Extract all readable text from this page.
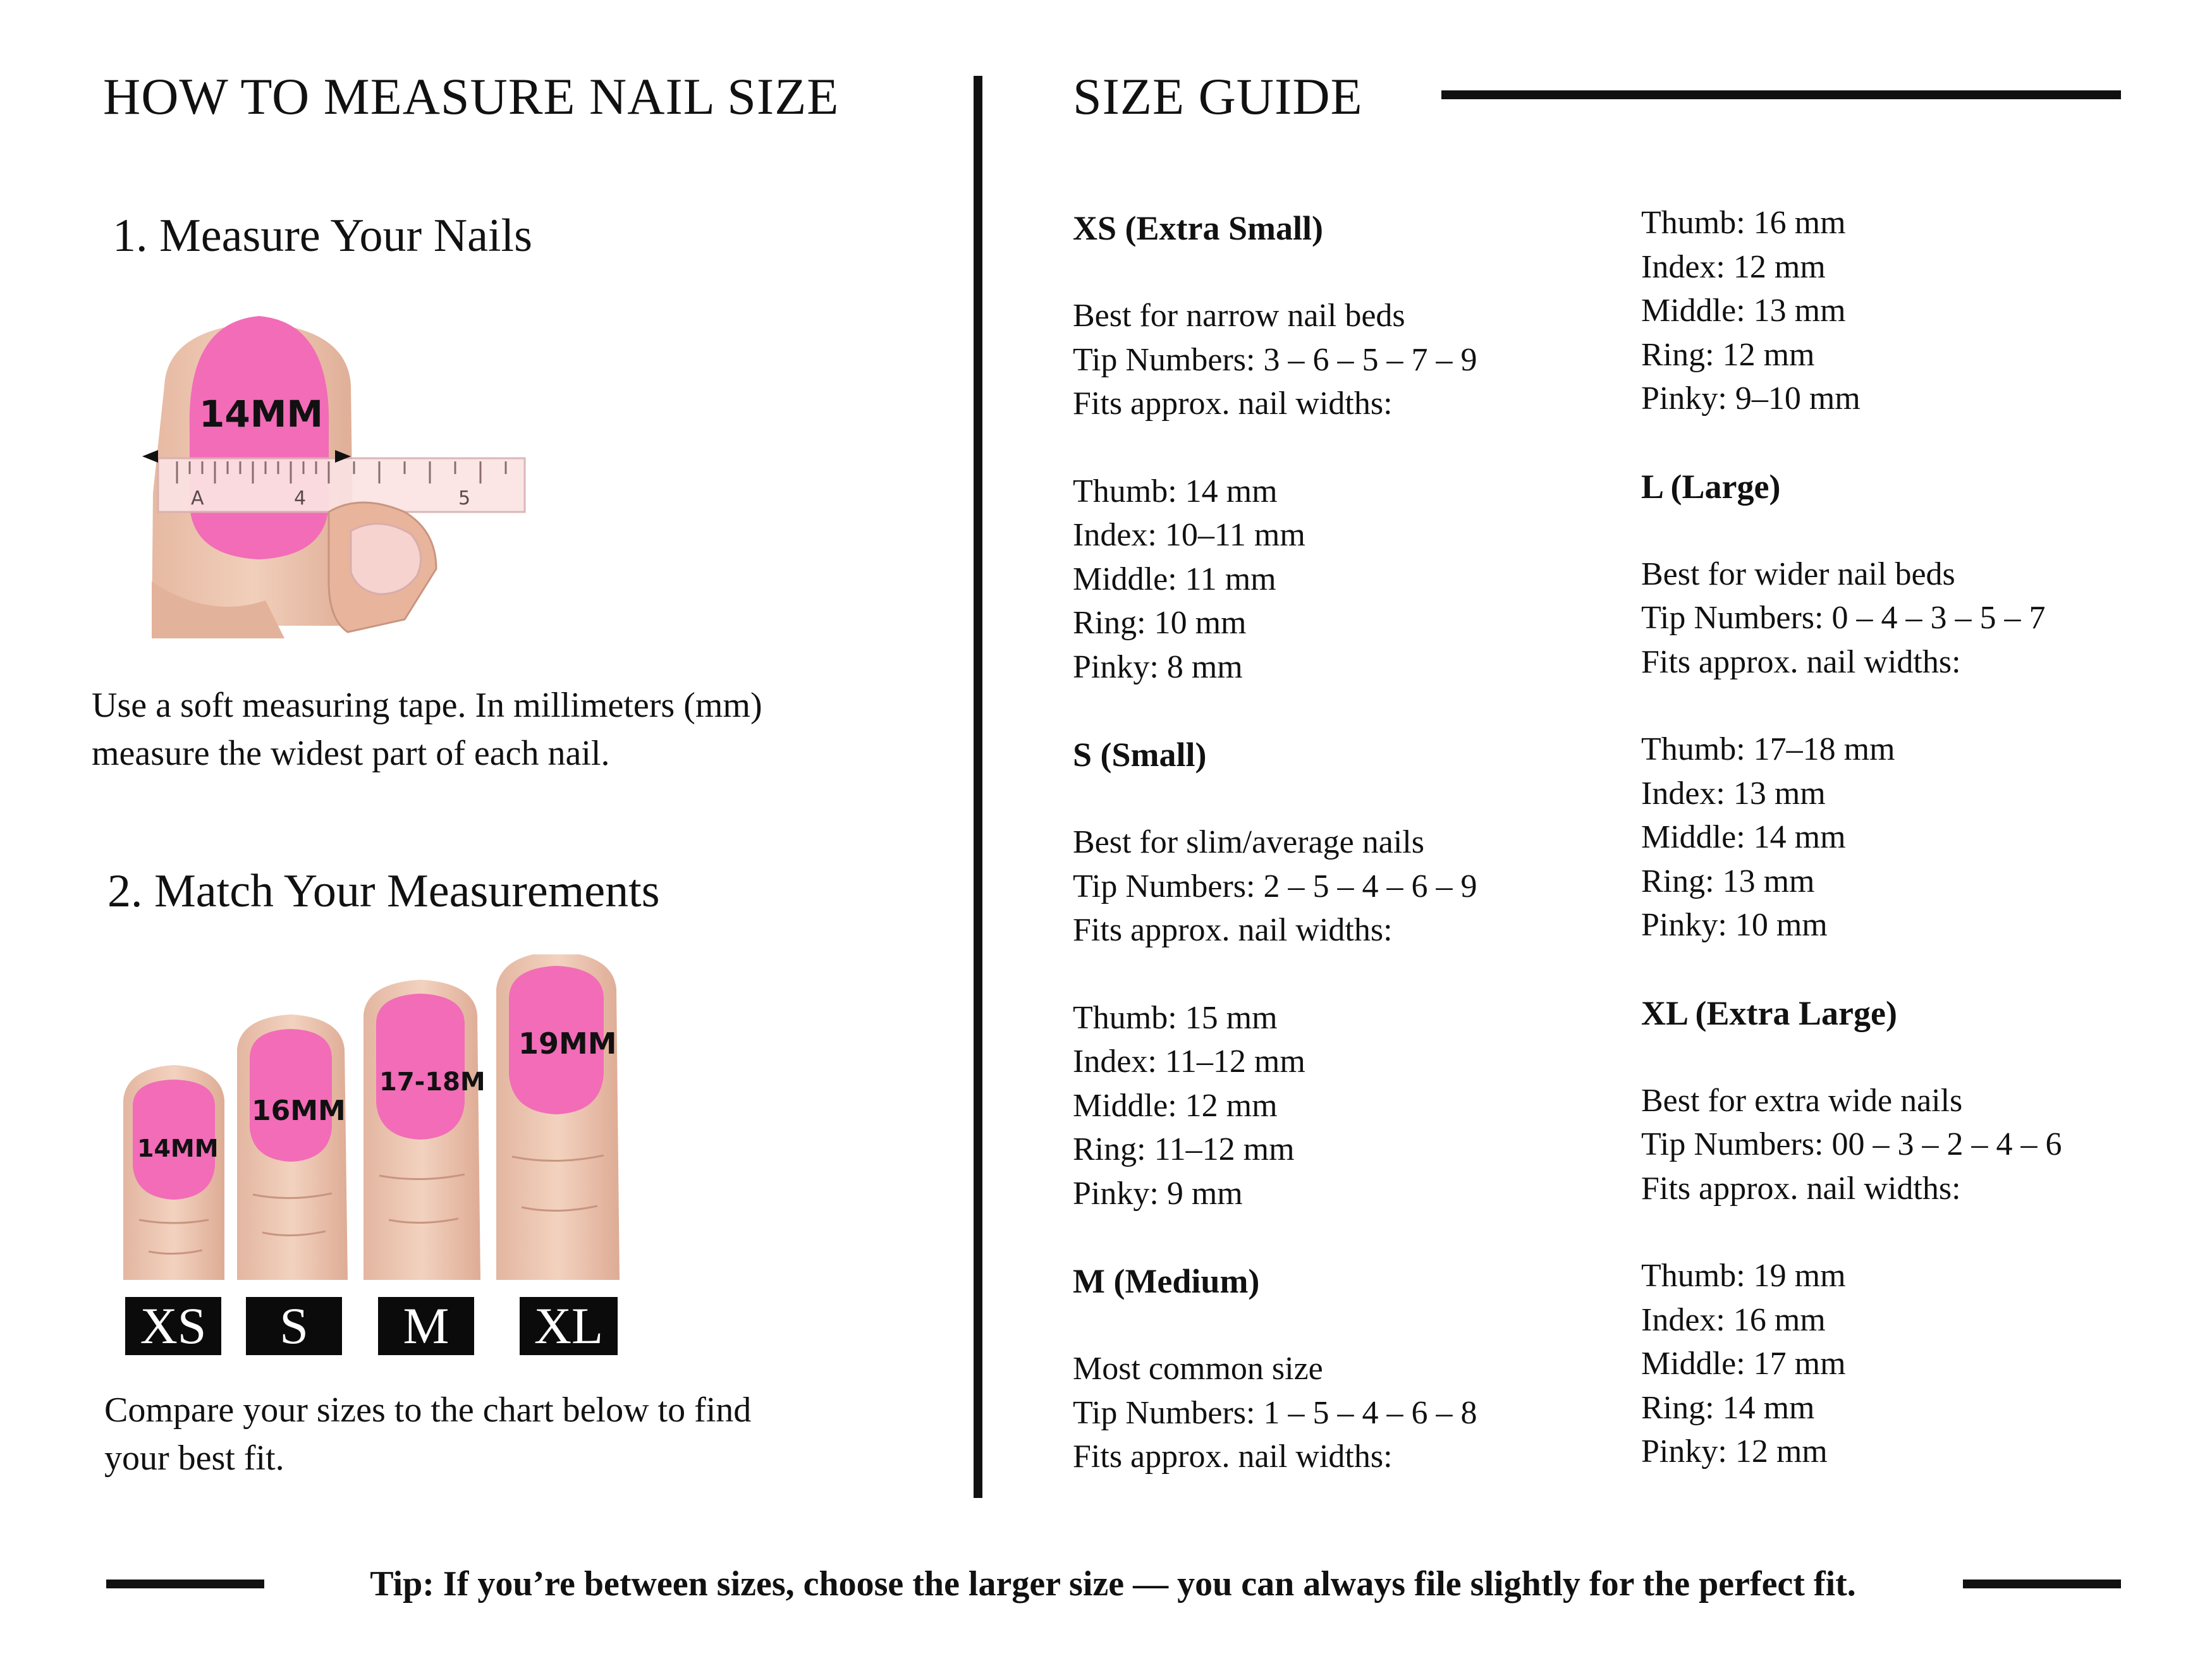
HOW TO MEASURE NAIL SIZE
1. Measure Your Nails
14MM
A	4	5
Use a soft measuring tape. In millimeters (mm) measure the widest part of each nail.
2. Match Your Measurements
14MM
16MM
17-18M
19MM
XS	S	M	XL
Compare your sizes to the chart below to find your best fit.
SIZE GUIDE
XS (Extra Small)
Best for narrow nail beds
Tip Numbers: 3 – 6 – 5 – 7 – 9
Fits approx. nail widths:
Thumb: 14 mm
Index: 10–11 mm
Middle: 11 mm
Ring: 10 mm
Pinky: 8 mm
S (Small)
Best for slim/average nails
Tip Numbers: 2 – 5 – 4 – 6 – 9
Fits approx. nail widths:
Thumb: 15 mm
Index: 11–12 mm
Middle: 12 mm
Ring: 11–12 mm
Pinky: 9 mm
M (Medium)
Most common size
Tip Numbers: 1 – 5 – 4 – 6 – 8
Fits approx. nail widths:
Thumb: 16 mm
Index: 12 mm
Middle: 13 mm
Ring: 12 mm
Pinky: 9–10 mm
L (Large)
Best for wider nail beds
Tip Numbers: 0 – 4 – 3 – 5 – 7
Fits approx. nail widths:
Thumb: 17–18 mm
Index: 13 mm
Middle: 14 mm
Ring: 13 mm
Pinky: 10 mm
XL (Extra Large)
Best for extra wide nails
Tip Numbers: 00 – 3 – 2 – 4 – 6
Fits approx. nail widths:
Thumb: 19 mm
Index: 16 mm
Middle: 17 mm
Ring: 14 mm
Pinky: 12 mm
Tip: If you’re between sizes, choose the larger size — you can always file slightly for the perfect fit.
